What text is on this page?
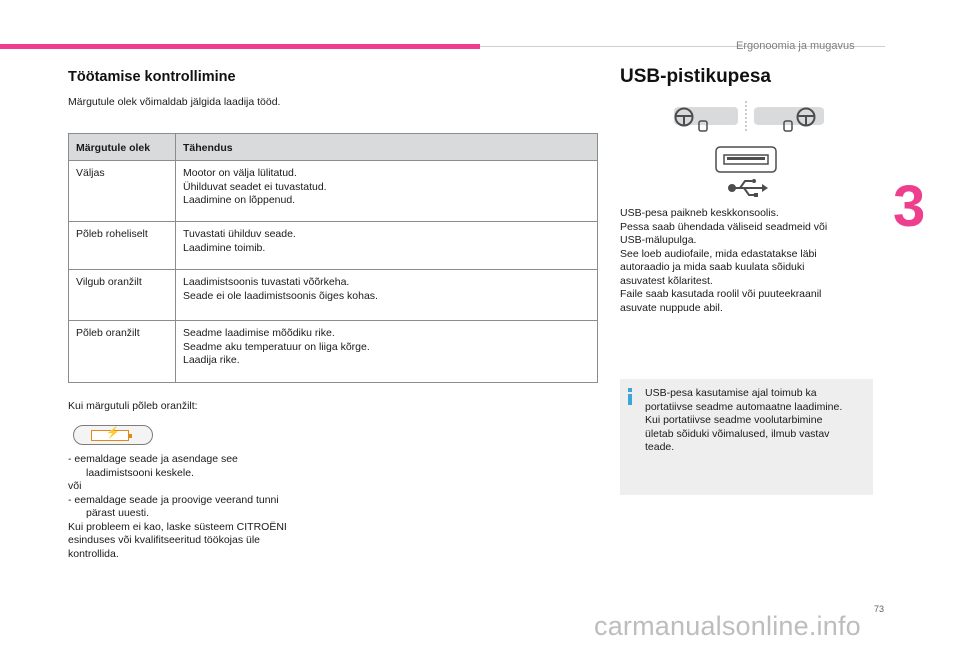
Ergonoomia ja mugavus
3
73
Töötamise kontrollimine

Märgutule olek võimaldab jälgida laadija tööd.

Märgutule olek	Tähendus
Väljas	Mootor on välja lülitatud.
Ühilduvat seadet ei tuvastatud.
Laadimine on lõppenud.

Põleb roheliselt	Tuvastati ühilduv seade.
Laadimine toimib.

Vilgub oranžilt	Laadimistsoonis tuvastati võõrkeha.
Seade ei ole laadimistsoonis õiges kohas.

Põleb oranžilt	Seadme laadimise mõõdiku rike.
Seadme aku temperatuur on liiga kõrge.
Laadija rike.

Kui märgutuli põleb oranžilt:

⚡
- eemaldage seade ja asendage see
laadimistsooni keskele.
või
- eemaldage seade ja proovige veerand tunni
pärast uuesti.
Kui probleem ei kao, laske süsteem CITROËNI
esinduses või kvalifitseeritud töökojas üle
kontrollida.
USB-pistikupesa
USB-pesa paikneb keskkonsoolis.
Pessa saab ühendada väliseid seadmeid või
USB-mälupulga.
See loeb audiofaile, mida edastatakse läbi
autoraadio ja mida saab kuulata sõiduki
asuvatest kõlaritest.
Faile saab kasutada roolil või puuteekraanil
asuvate nuppude abil.
USB-pesa kasutamise ajal toimub ka
portatiivse seadme automaatne laadimine.
Kui portatiivse seadme voolutarbimine
ületab sõiduki võimalused, ilmub vastav
teade.
carmanualsonline.info
